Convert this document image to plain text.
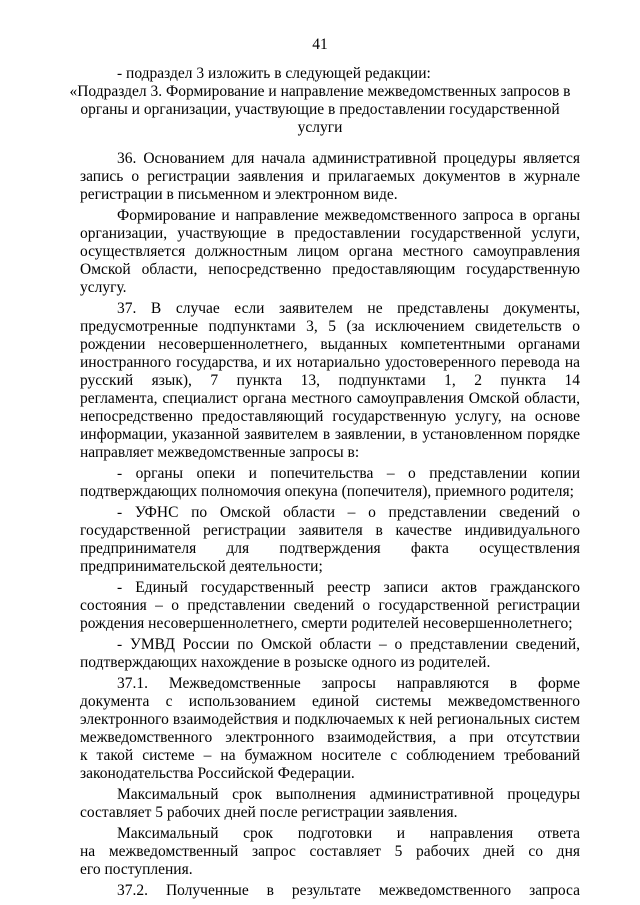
41
- подраздел 3 изложить в следующей редакции:
«Подраздел 3. Формирование и направление межведомственных запросов в
органы и организации, участвующие в предоставлении государственной
услуги
36. Основанием для начала административной процедуры является
запись о регистрации заявления и прилагаемых документов в журнале
регистрации в письменном и электронном виде.
Формирование и направление межведомственного запроса в органы
организации, участвующие в предоставлении государственной услуги,
осуществляется должностным лицом органа местного самоуправления
Омской области, непосредственно предоставляющим государственную
услугу.
37. В случае если заявителем не представлены документы,
предусмотренные подпунктами 3, 5 (за исключением свидетельств о
рождении несовершеннолетнего, выданных компетентными органами
иностранного государства, и их нотариально удостоверенного перевода на
русский язык), 7 пункта 13, подпунктами 1, 2 пункта 14
регламента, специалист органа местного самоуправления Омской области,
непосредственно предоставляющий государственную услугу, на основе
информации, указанной заявителем в заявлении, в установленном порядке
направляет межведомственные запросы в:
- органы опеки и попечительства – о представлении копии
подтверждающих полномочия опекуна (попечителя), приемного родителя;
- УФНС по Омской области – о представлении сведений о
государственной регистрации заявителя в качестве индивидуального
предпринимателя для подтверждения факта осуществления
предпринимательской деятельности;
- Единый государственный реестр записи актов гражданского
состояния – о представлении сведений о государственной регистрации
рождения несовершеннолетнего, смерти родителей несовершеннолетнего;
- УМВД России по Омской области – о представлении сведений,
подтверждающих нахождение в розыске одного из родителей.
37.1. Межведомственные запросы направляются в форме
документа с использованием единой системы межведомственного
электронного взаимодействия и подключаемых к ней региональных систем
межведомственного электронного взаимодействия, а при отсутствии
к такой системе – на бумажном носителе с соблюдением требований
законодательства Российской Федерации.
Максимальный срок выполнения административной процедуры
составляет 5 рабочих дней после регистрации заявления.
Максимальный срок подготовки и направления ответа
на межведомственный запрос составляет 5 рабочих дней со дня
его поступления.
37.2. Полученные в результате межведомственного запроса
